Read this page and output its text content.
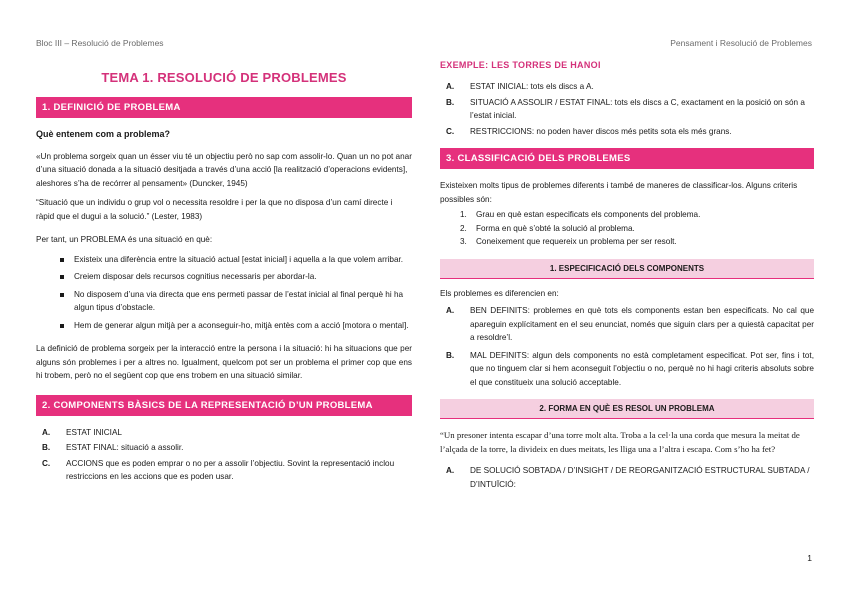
Bloc III – Resolució de Problemes	Pensament i Resolució de Problemes
TEMA 1. RESOLUCIÓ DE PROBLEMES
1. DEFINICIÓ DE PROBLEMA

Què entenem com a problema?

«Un problema sorgeix quan un ésser viu té un objectiu però no sap com assolir-lo. Quan un no pot anar d’una situació donada a la situació desitjada a través d’una acció [la realització d’operacions evidents], aleshores s’ha de recórrer al pensament» (Duncker, 1945)

“Situació que un individu o grup vol o necessita resoldre i per la que no disposa d’un camí directe i ràpid que el dugui a la solució.” (Lester, 1983)

Per tant, un PROBLEMA és una situació en què:

Existeix una diferència entre la situació actual [estat inicial] i aquella a la que volem arribar.
Creiem disposar dels recursos cognitius necessaris per abordar-la.
No disposem d’una via directa que ens permeti passar de l’estat inicial al final perquè hi ha algun tipus d’obstacle.
Hem de generar algun mitjà per a aconseguir-ho, mitjà entès com a acció [motora o mental].

La definició de problema sorgeix per la interacció entre la persona i la situació: hi ha situacions que per alguns són problemes i per a altres no. Igualment, quelcom pot ser un problema el primer cop que ens hi trobem, però no el següent cop que ens trobem en una situació similar.

2. COMPONENTS BÀSICS DE LA REPRESENTACIÓ D’UN PROBLEMA
A. ESTAT INICIAL
B. ESTAT FINAL: situació a assolir.
C. ACCIONS que es poden emprar o no per a assolir l’objectiu. Sovint la representació inclou restriccions en les accions que es poden usar.
EXEMPLE: LES TORRES DE HANOI
A. ESTAT INICIAL: tots els discs a A.
B. SITUACIÓ A ASSOLIR / ESTAT FINAL: tots els discs a C, exactament en la posició on són a l’estat inicial.
C. RESTRICCIONS: no poden haver discos més petits sota els més grans.
3. CLASSIFICACIÓ DELS PROBLEMES

Existeixen molts tipus de problemes diferents i també de maneres de classificar-los. Alguns criteris possibles són:

1. Grau en què estan especificats els components del problema.
2. Forma en què s’obté la solució al problema.
3. Coneixement que requereix un problema per ser resolt.
1. ESPECIFICACIÓ DELS COMPONENTS

Els problemes es diferencien en:

A. BEN DEFINITS: problemes en què tots els components estan ben especificats. No cal que apareguin explícitament en el seu enunciat, només que siguin clars per a quiestà capacitat per a resoldre’l.
B. MAL DEFINITS: algun dels components no està completament especificat. Pot ser, fins i tot, que no tinguem clar si hem aconseguit l’objectiu o no, perquè no hi hagi criteris absoluts sobre el que constitueix una solució acceptable.
2. FORMA EN QUÈ ES RESOL UN PROBLEMA

“Un presoner intenta escapar d’una torre molt alta. Troba a la cel·la una corda que mesura la meitat de l’alçada de la torre, la divideix en dues meitats, les lliga una a l’altra i escapa. Com s’ho ha fet?

A. DE SOLUCIÓ SOBTADA / D’INSIGHT / DE REORGANITZACIÓ ESTRUCTURAL SUBTADA / D’INTUÏCIÓ:
1
